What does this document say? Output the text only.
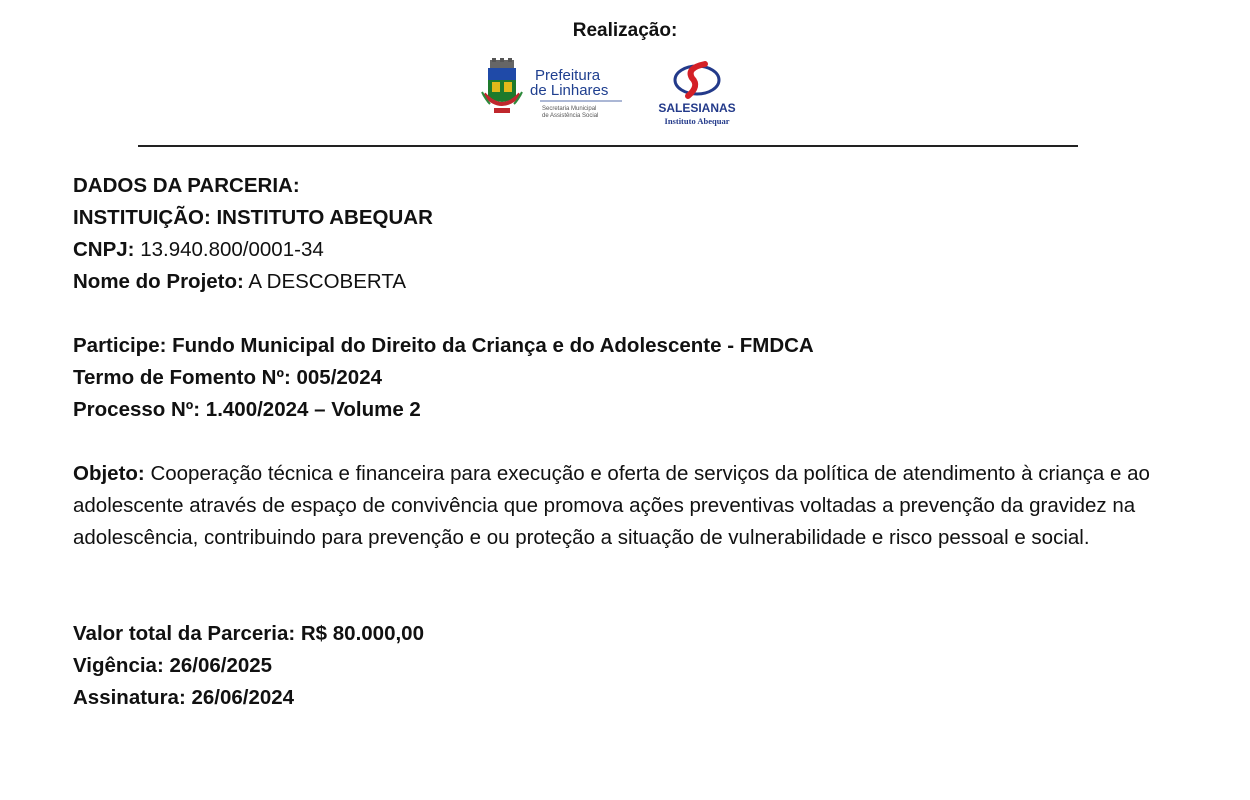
Realização:
Prefeitura
de Linhares
Secretaria Municipal
de Assistência Social
SALESIANAS
Instituto Abequar
DADOS DA PARCERIA:
INSTITUIÇÃO: INSTITUTO ABEQUAR
CNPJ: 13.940.800/0001-34
Nome do Projeto: A DESCOBERTA
Participe: Fundo Municipal do Direito da Criança e do Adolescente - FMDCA
Termo de Fomento Nº: 005/2024
Processo Nº: 1.400/2024 – Volume 2
Objeto: Cooperação técnica e financeira para execução e oferta de serviços da política de atendimento à criança e ao adolescente através de espaço de convivência que promova ações preventivas voltadas a prevenção da gravidez na adolescência, contribuindo para prevenção e ou proteção a situação de vulnerabilidade e risco pessoal e social.
Valor total da Parceria: R$ 80.000,00
Vigência: 26/06/2025
Assinatura: 26/06/2024
